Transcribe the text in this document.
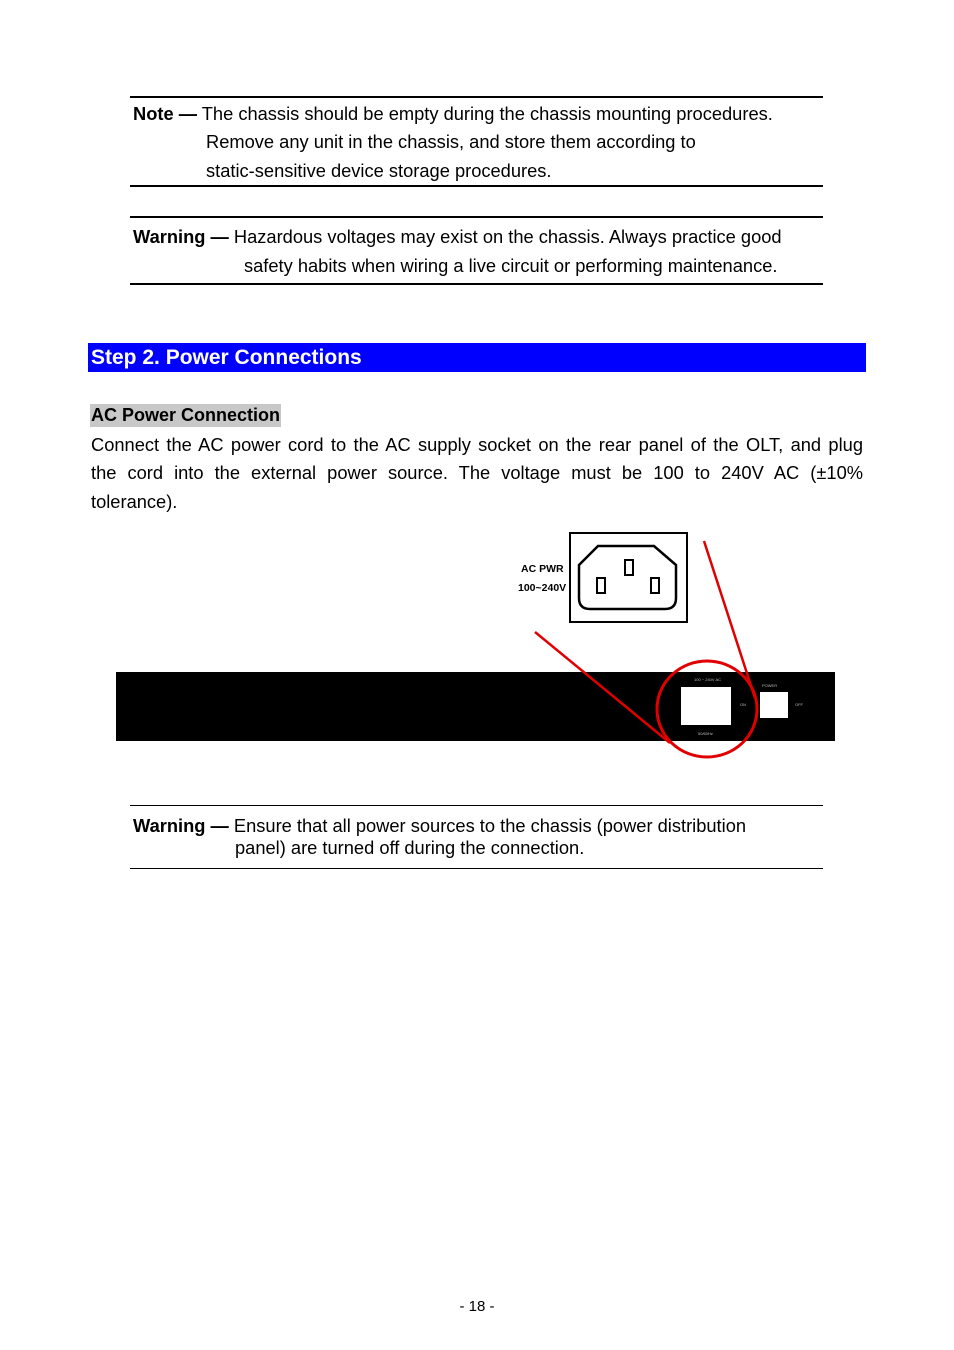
Note — The chassis should be empty during the chassis mounting procedures.
Remove any unit in the chassis, and store them according to
static-sensitive device storage procedures.
Warning — Hazardous voltages may exist on the chassis. Always practice good
safety habits when wiring a live circuit or performing maintenance.
Step 2. Power Connections
AC Power Connection
Connect the AC power cord to the AC supply socket on the rear panel of the OLT, and plug
the cord into the external power source. The voltage must be 100 to 240V AC (±10%
tolerance).
AC PWR
100~240V
100 ~ 240V AC
50/60Hz
ON
POWER
OFF
Warning — Ensure that all power sources to the chassis (power distribution
panel) are turned off during the connection.
- 18 -
